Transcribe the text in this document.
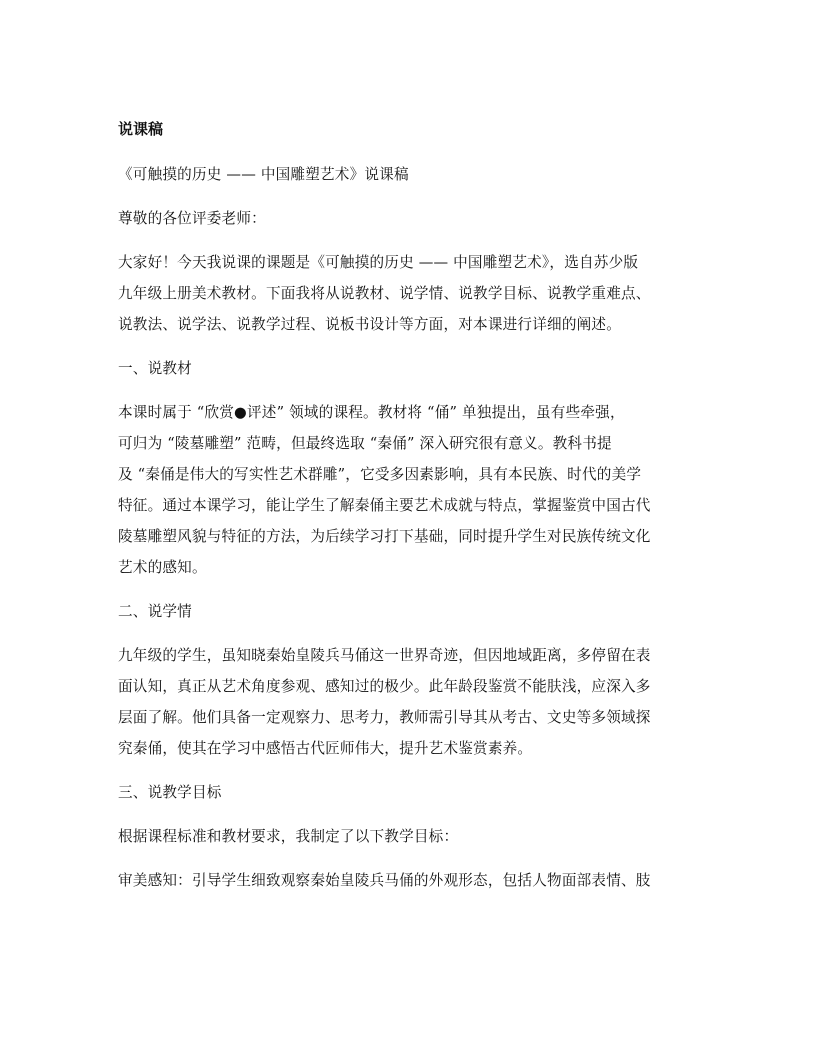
说课稿
《可触摸的历史 —— 中国雕塑艺术》说课稿
尊敬的各位评委老师：
大家好！今天我说课的课题是《可触摸的历史 —— 中国雕塑艺术》，选自苏少版
九年级上册美术教材。下面我将从说教材、说学情、说教学目标、说教学重难点、
说教法、说学法、说教学过程、说板书设计等方面，对本课进行详细的阐述。
一、说教材
本课时属于 “欣赏●评述” 领域的课程。教材将 “俑” 单独提出，虽有些牵强，
可归为 “陵墓雕塑” 范畴，但最终选取 “秦俑” 深入研究很有意义。教科书提
及 “秦俑是伟大的写实性艺术群雕”，它受多因素影响，具有本民族、时代的美学
特征。通过本课学习，能让学生了解秦俑主要艺术成就与特点，掌握鉴赏中国古代
陵墓雕塑风貌与特征的方法，为后续学习打下基础，同时提升学生对民族传统文化
艺术的感知。
二、说学情
九年级的学生，虽知晓秦始皇陵兵马俑这一世界奇迹，但因地域距离，多停留在表
面认知，真正从艺术角度参观、感知过的极少。此年龄段鉴赏不能肤浅，应深入多
层面了解。他们具备一定观察力、思考力，教师需引导其从考古、文史等多领域探
究秦俑，使其在学习中感悟古代匠师伟大，提升艺术鉴赏素养。
三、说教学目标
根据课程标准和教材要求，我制定了以下教学目标：
审美感知：引导学生细致观察秦始皇陵兵马俑的外观形态，包括人物面部表情、肢
